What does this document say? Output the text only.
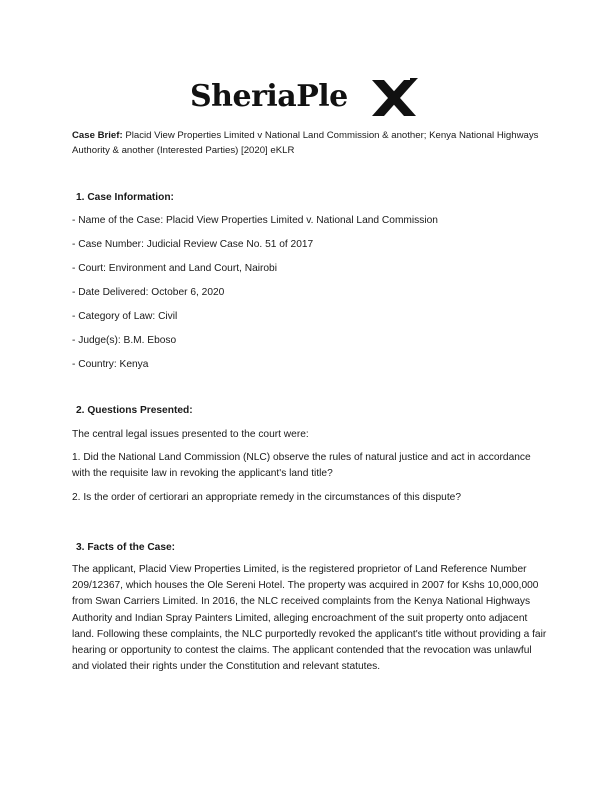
SheriaPle
Case Brief: Placid View Properties Limited v National Land Commission & another; Kenya National Highways Authority & another (Interested Parties) [2020] eKLR
1. Case Information:
- Name of the Case: Placid View Properties Limited v. National Land Commission
- Case Number: Judicial Review Case No. 51 of 2017
- Court: Environment and Land Court, Nairobi
- Date Delivered: October 6, 2020
- Category of Law: Civil
- Judge(s): B.M. Eboso
- Country: Kenya
2. Questions Presented:
The central legal issues presented to the court were:
1. Did the National Land Commission (NLC) observe the rules of natural justice and act in accordance with the requisite law in revoking the applicant's land title?
2. Is the order of certiorari an appropriate remedy in the circumstances of this dispute?
3. Facts of the Case:
The applicant, Placid View Properties Limited, is the registered proprietor of Land Reference Number 209/12367, which houses the Ole Sereni Hotel. The property was acquired in 2007 for Kshs 10,000,000 from Swan Carriers Limited. In 2016, the NLC received complaints from the Kenya National Highways Authority and Indian Spray Painters Limited, alleging encroachment of the suit property onto adjacent land. Following these complaints, the NLC purportedly revoked the applicant's title without providing a fair hearing or opportunity to contest the claims. The applicant contended that the revocation was unlawful and violated their rights under the Constitution and relevant statutes.
